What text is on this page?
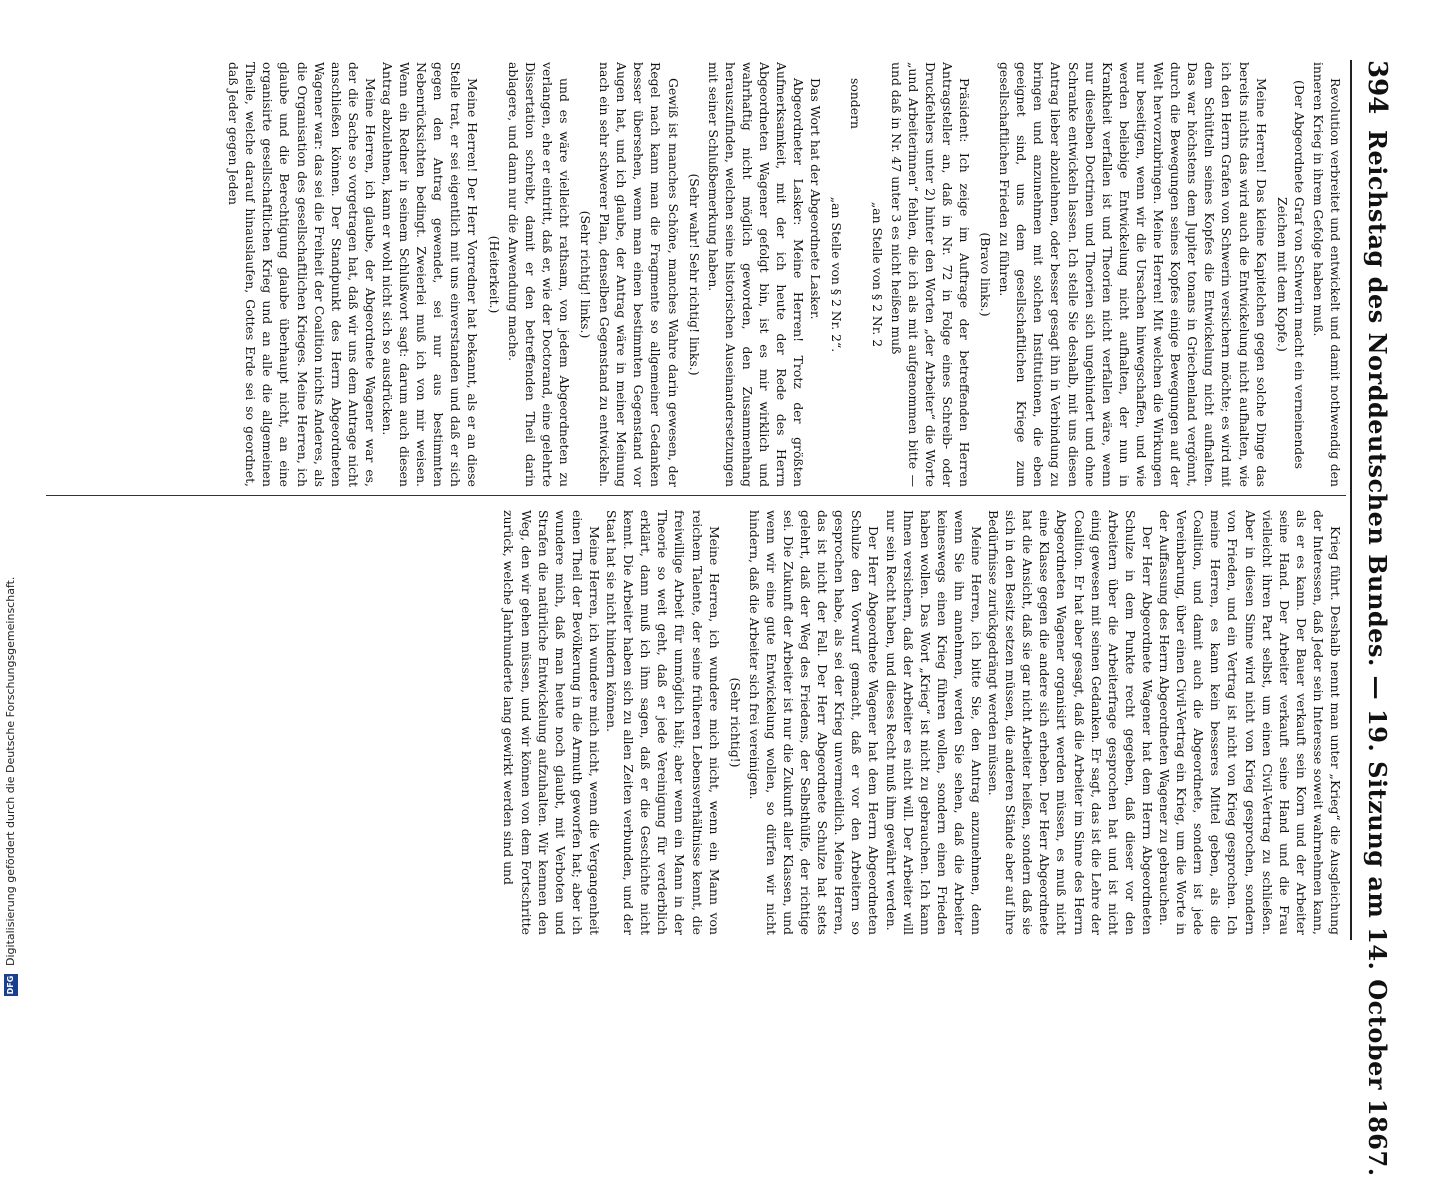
394
Reichstag des Norddeutschen Bundes. — 19. Sitzung am 14. October 1867.

Revolution verbreitet und entwickelt und damit nothwendig den inneren Krieg in ihrem Gefolge haben muß.

(Der Abgeordnete Graf von Schwerin macht ein verneinendes Zeichen mit dem Kopfe.)

Meine Herren! Das kleine Kapitelchen gegen solche Dinge das bereits nichts das wird auch die Entwickelung nicht aufhalten, wie ich den Herrn Grafen von Schwerin versichern möchte; es wird mit dem Schütteln seines Kopfes die Entwickelung nicht aufhalten. Das war höchstens dem Jupiter tonans in Griechenland vergönnt, durch die Bewegungen seines Kopfes einige Bewegungen auf der Welt hervorzubringen. Meine Herren! Mit welchen die Wirkungen nur beseitigen, wenn wir die Ursachen hinwegschaffen, und wie werden beliebige Entwickelung nicht aufhalten, der nun in Krankheit verfallen ist und Theorien nicht verfallen wäre, wenn nur dieselben Doctrinen und Theorien sich ungehindert und ohne Schranke entwickeln lassen. Ich stelle Sie deshalb, mit uns diesen Antrag lieber abzulehnen, oder besser gesagt ihn in Verbindung zu bringen und anzunehmen mit solchen Institutionen, die eben geeignet sind, uns dem gesellschaftlichen Kriege zum gesellschaftlichen Frieden zu führen.

(Bravo links.)

Präsident: Ich zeige im Auftrage der betreffenden Herren Antragsteller an, daß in Nr. 72 in Folge eines Schreib- oder Druckfehlers unter 2) hinter den Worten „der Arbeiter“ die Worte „und Arbeiterinnen“ fehlen, die ich als mit aufgenommen bitte — und daß in Nr. 47 unter 3 es nicht heißen muß

„an Stelle von § 2 Nr. 2

sondern

„an Stelle von § 2 Nr. 2“.

Das Wort hat der Abgeordnete Lasker.

Abgeordneter Lasker: Meine Herren! Trotz der größten Aufmerksamkeit, mit der ich heute der Rede des Herrn Abgeordneten Wagener gefolgt bin, ist es mir wirklich und wahrhaftig nicht möglich geworden, den Zusammenhang herauszufinden, welchen seine historischen Auseinandersetzungen mit seiner Schlußbemerkung haben.

(Sehr wahr! Sehr richtig! links.)

Gewiß ist manches Schöne, manches Wahre darin gewesen, der Regel nach kann man die Fragmente so allgemeiner Gedanken besser übersehen, wenn man einen bestimmten Gegenstand vor Augen hat, und ich glaube, der Antrag wäre in meiner Meinung nach ein sehr schwerer Plan, denselben Gegenstand zu entwickeln.

(Sehr richtig! links.)

und es wäre vielleicht rathsam, von jedem Abgeordneten zu verlangen, ehe er eintritt, daß er, wie der Doctorand, eine gelehrte Dissertation schreibt, damit er den betreffenden Theil darin ablagere, und dann nur die Anwendung mache.

(Heiterkeit.)

Meine Herren! Der Herr Vorredner hat bekannt, als er an diese Stelle trat, er sei eigentlich mit uns einverstanden und daß er sich gegen den Antrag gewendet, sei nur aus bestimmten Nebenrücksichten bedingt. Zweierlei muß ich von mir weisen. Wenn ein Redner in seinem Schlußwort sagt: darum auch diesen Antrag abzulehnen, kann er wohl nicht sich so ausdrücken.

Meine Herren, ich glaube, der Abgeordnete Wagener war es, der die Sache so vorgetragen hat, daß wir uns dem Antrage nicht anschließen können. Der Standpunkt des Herrn Abgeordneten Wagener war: das sei die Freiheit der Coalition nichts Anderes, als die Organisation des gesellschaftlichen Krieges. Meine Herren, ich glaube und die Berechtigung glaube überhaupt nicht, an eine organisirte gesellschaftlichen Krieg und an alle die allgemeinen Theile, welche darauf hinauslaufen, Gottes Erde sei so geordnet, daß Jeder gegen Jeden

Krieg führt. Deshalb nennt man unter „Krieg“ die Ausgleichung der Interessen, daß Jeder sein Interesse soweit wahrnehmen kann, als er es kann. Der Bauer verkauft sein Korn und der Arbeiter seine Hand. Der Arbeiter verkauft seine Hand und die Frau vielleicht ihren Part selbst, um einen Civil-Vertrag zu schließen. Aber in diesen Sinne wird nicht von Krieg gesprochen, sondern von Frieden, und ein Vertrag ist nicht von Krieg gesprochen. Ich meine Herren, es kann kein besseres Mittel geben, als die Coalition, und damit auch die Abgeordnete, sondern ist jede Vereinbarung, über einen Civil-Vertrag ein Krieg, um die Worte in der Auffassung des Herrn Abgeordneten Wagener zu gebrauchen.

Der Herr Abgeordnete Wagener hat dem Herrn Abgeordneten Schulze in dem Punkte recht gegeben, daß dieser vor den Arbeitern über die Arbeiterfrage gesprochen hat und ist nicht einig gewesen mit seinen Gedanken. Er sagt, das ist die Lehre der Coalition. Er hat aber gesagt, daß die Arbeiter im Sinne des Herrn Abgeordneten Wagener organisirt werden müssen, es muß nicht eine Klasse gegen die andere sich erheben. Der Herr Abgeordnete hat die Ansicht, daß sie gar nicht Arbeiter heißen, sondern daß sie sich in den Besitz setzen müssen, die anderen Stände aber auf ihre Bedürfnisse zurückgedrängt werden müssen.

Meine Herren, ich bitte Sie, den Antrag anzunehmen, denn wenn Sie ihn annehmen, werden Sie sehen, daß die Arbeiter keineswegs einen Krieg führen wollen, sondern einen Frieden haben wollen. Das Wort „Krieg“ ist nicht zu gebrauchen. Ich kann Ihnen versichern, daß der Arbeiter es nicht will. Der Arbeiter will nur sein Recht haben, und dieses Recht muß ihm gewährt werden.

Der Herr Abgeordnete Wagener hat dem Herrn Abgeordneten Schulze den Vorwurf gemacht, daß er vor den Arbeitern so gesprochen habe, als sei der Krieg unvermeidlich. Meine Herren, das ist nicht der Fall. Der Herr Abgeordnete Schulze hat stets gelehrt, daß der Weg des Friedens, der Selbsthülfe, der richtige sei. Die Zukunft der Arbeiter ist nur die Zukunft aller Klassen, und wenn wir eine gute Entwickelung wollen, so dürfen wir nicht hindern, daß die Arbeiter sich frei vereinigen.

(Sehr richtig!)

Meine Herren, ich wundere mich nicht, wenn ein Mann von reichem Talente, der seine früheren Lebensverhältnisse kennt, die freiwillige Arbeit für unmöglich hält; aber wenn ein Mann in der Theorie so weit geht, daß er jede Vereinigung für verderblich erklärt, dann muß ich ihm sagen, daß er die Geschichte nicht kennt. Die Arbeiter haben sich zu allen Zeiten verbunden, und der Staat hat sie nicht hindern können.

Meine Herren, ich wundere mich nicht, wenn die Vergangenheit einen Theil der Bevölkerung in die Armuth geworfen hat; aber ich wundere mich, daß man heute noch glaubt, mit Verboten und Strafen die natürliche Entwickelung aufzuhalten. Wir kennen den Weg, den wir gehen müssen, und wir können von dem Fortschritte zurück, welche Jahrhunderte lang gewirkt werden sind und

DFG
Digitalisierung gefördert durch die Deutsche Forschungsgemeinschaft.
